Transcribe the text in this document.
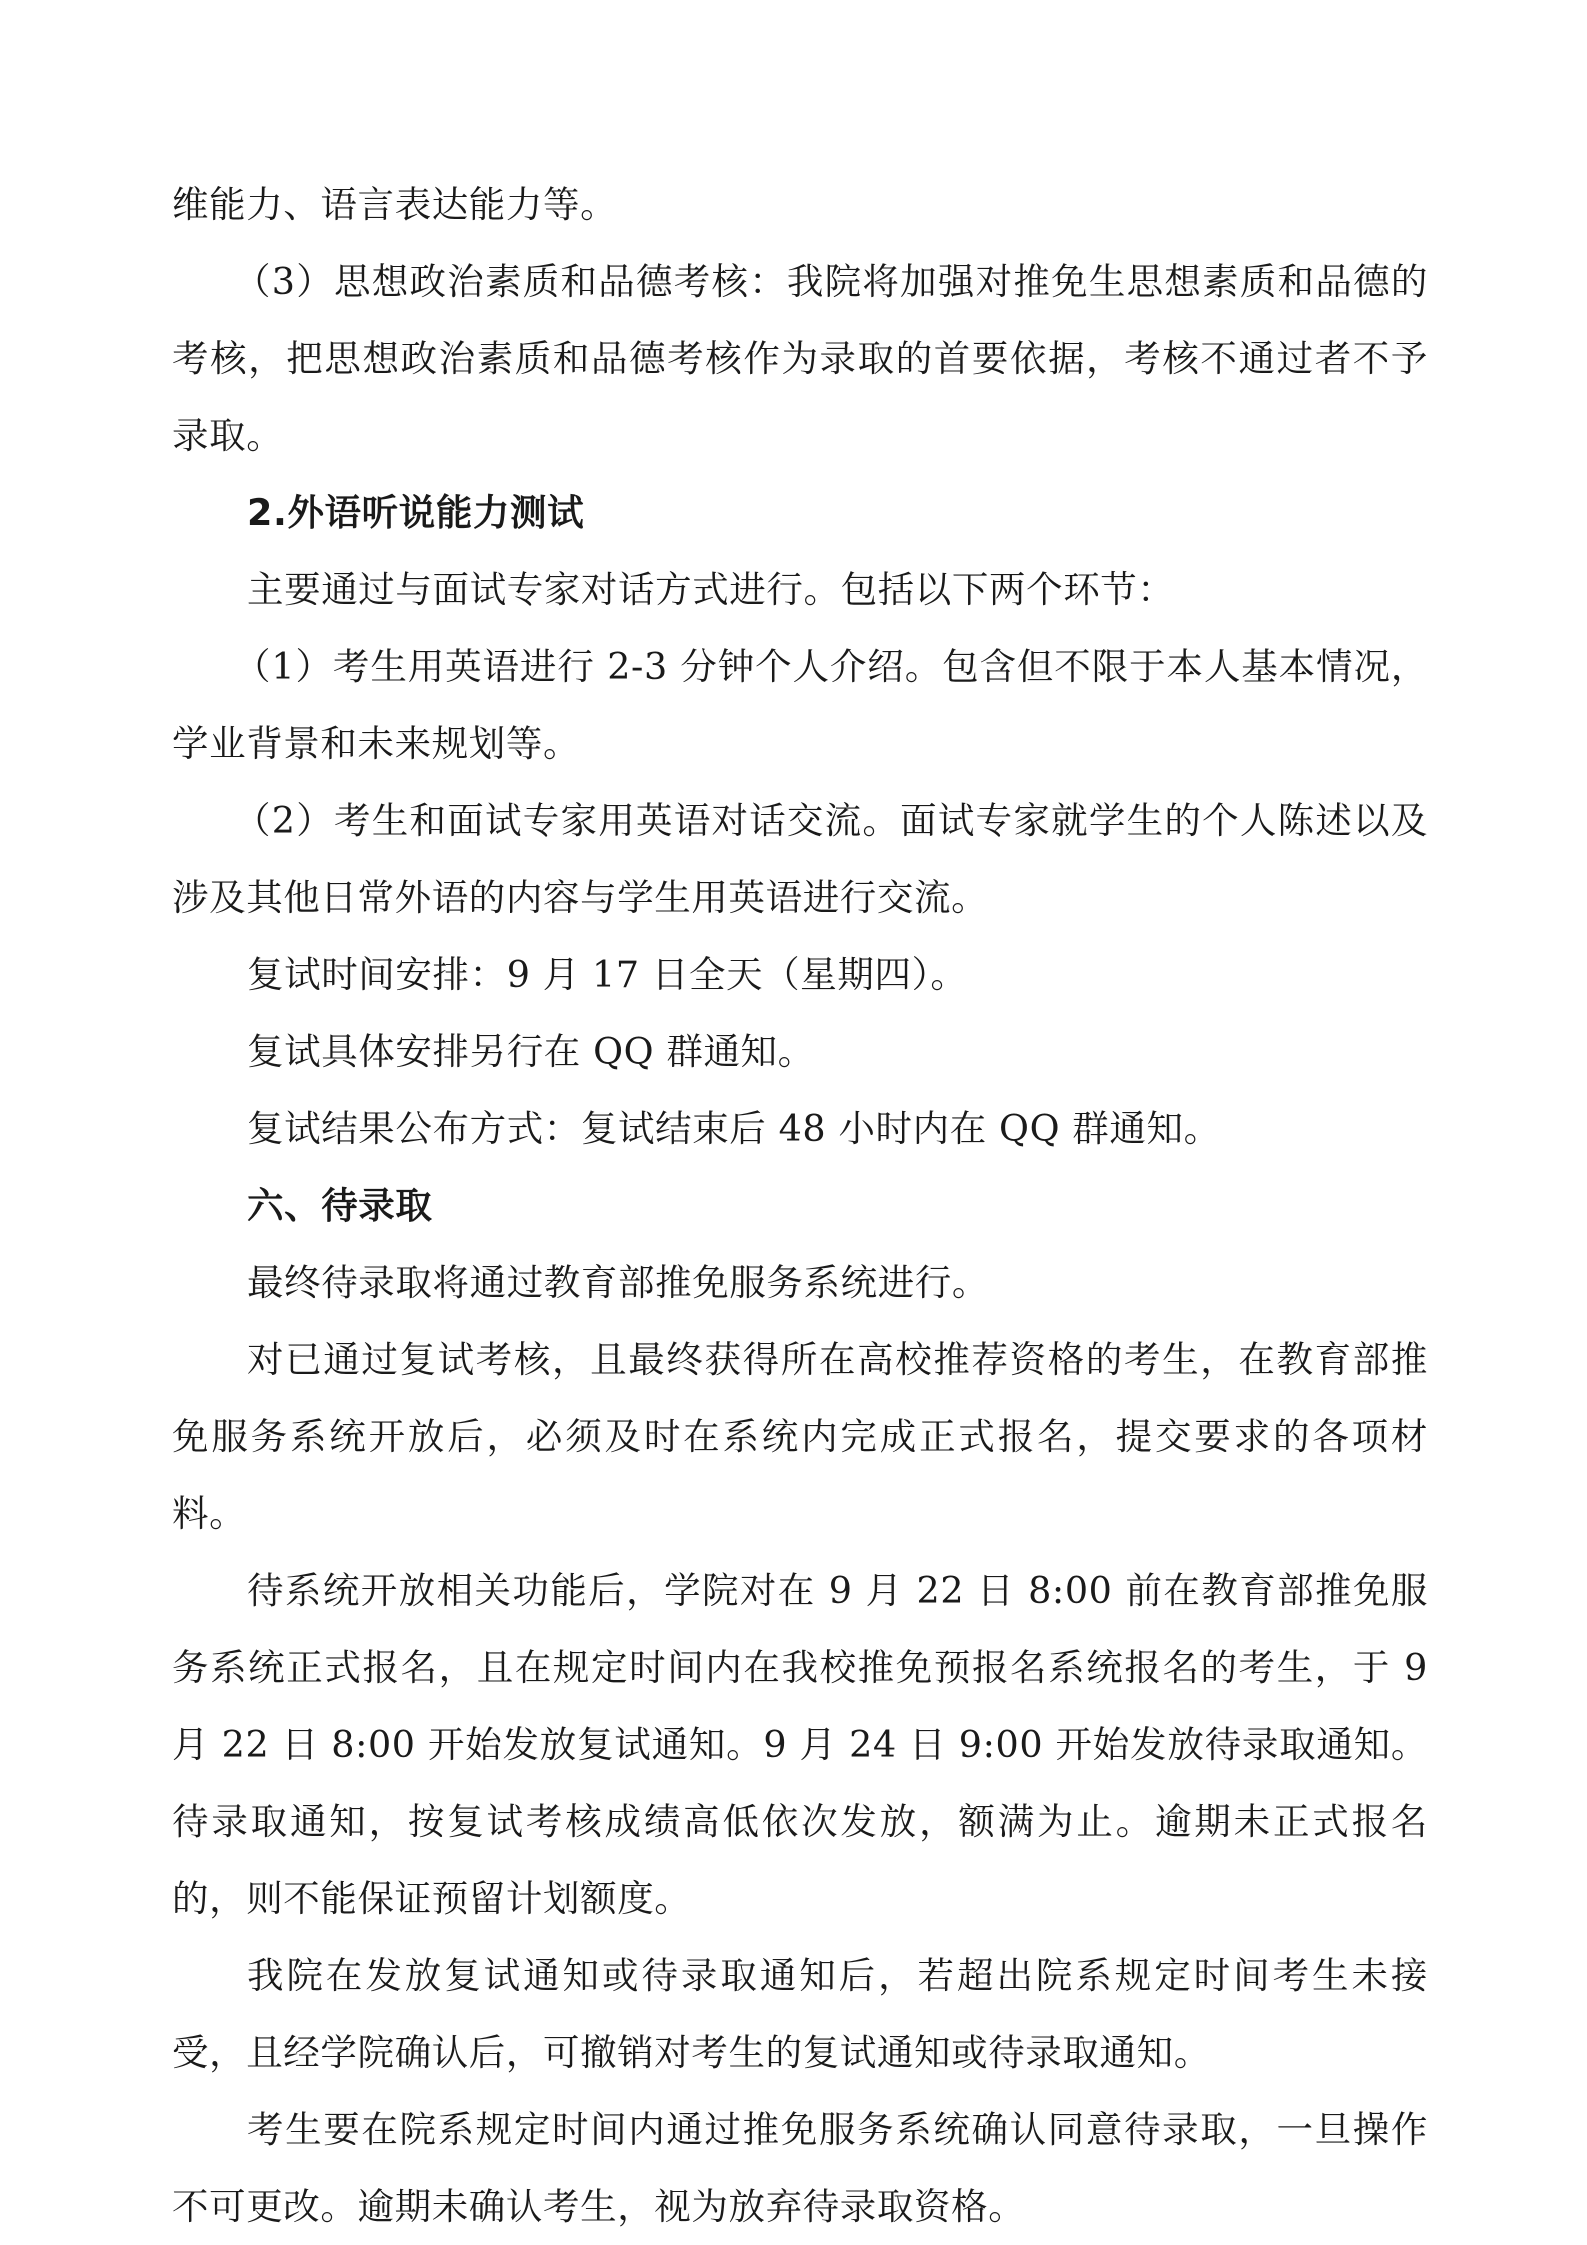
维能力、语言表达能力等。

（3）思想政治素质和品德考核：我院将加强对推免生思想素质和品德的考核，把思想政治素质和品德考核作为录取的首要依据，考核不通过者不予录取。

2.外语听说能力测试

主要通过与面试专家对话方式进行。包括以下两个环节：

（1）考生用英语进行 2-3 分钟个人介绍。包含但不限于本人基本情况，学业背景和未来规划等。

（2）考生和面试专家用英语对话交流。面试专家就学生的个人陈述以及涉及其他日常外语的内容与学生用英语进行交流。

复试时间安排：9 月 17 日全天（星期四）。

复试具体安排另行在 QQ 群通知。

复试结果公布方式：复试结束后 48 小时内在 QQ 群通知。

六、待录取

最终待录取将通过教育部推免服务系统进行。

对已通过复试考核，且最终获得所在高校推荐资格的考生，在教育部推免服务系统开放后，必须及时在系统内完成正式报名，提交要求的各项材料。

待系统开放相关功能后，学院对在 9 月 22 日 8:00 前在教育部推免服务系统正式报名，且在规定时间内在我校推免预报名系统报名的考生，于 9 月 22 日 8:00 开始发放复试通知。9 月 24 日 9:00 开始发放待录取通知。待录取通知，按复试考核成绩高低依次发放，额满为止。逾期未正式报名的，则不能保证预留计划额度。

我院在发放复试通知或待录取通知后，若超出院系规定时间考生未接受，且经学院确认后，可撤销对考生的复试通知或待录取通知。

考生要在院系规定时间内通过推免服务系统确认同意待录取，一旦操作不可更改。逾期未确认考生，视为放弃待录取资格。
